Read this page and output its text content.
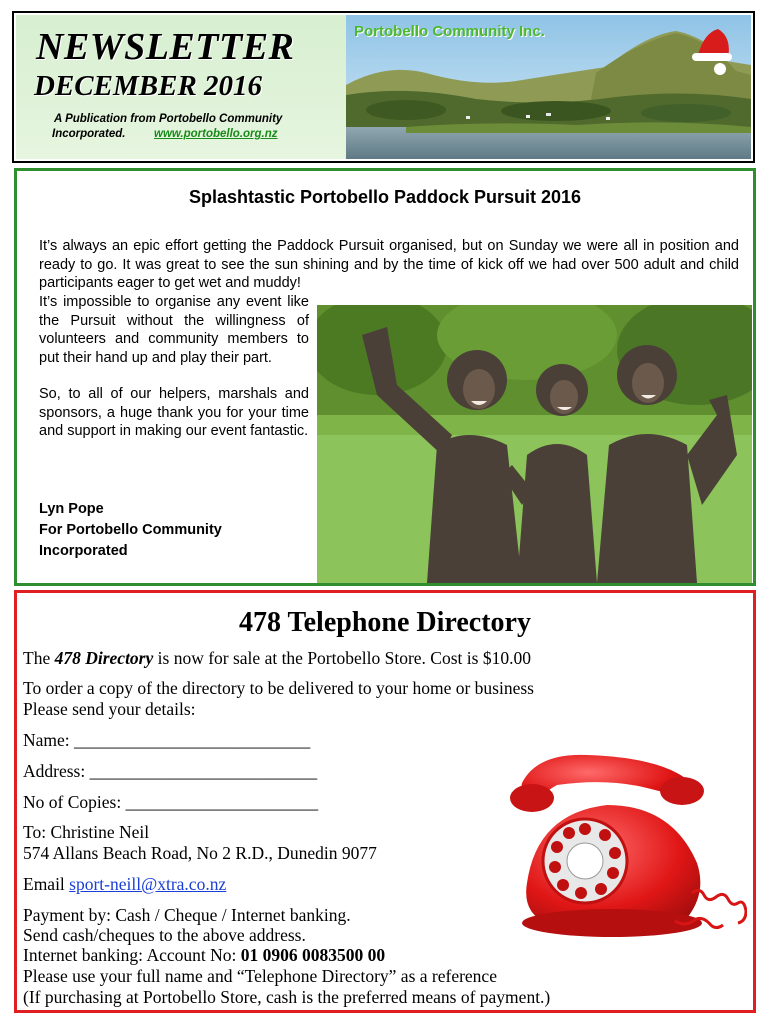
NEWSLETTER
DECEMBER 2016
A Publication from Portobello Community
Incorporated. www.portobello.org.nz
Portobello Community Inc.
Splashtastic Portobello Paddock Pursuit 2016
It’s always an epic effort getting the Paddock Pursuit organised, but on Sunday we were all in position and ready to go. It was great to see the sun shining and by the time of kick off we had over 500 adult and child participants eager to get wet and muddy!
It’s impossible to organise any event like the Pursuit without the willingness of volunteers and community members to put their hand up and play their part.
So, to all of our helpers, marshals and sponsors, a huge thank you for your time and support in making our event fantastic.
Lyn Pope
For Portobello Community
Incorporated
478 Telephone Directory
The 478 Directory is now for sale at the Portobello Store. Cost is $10.00
To order a copy of the directory to be delivered to your home or business
Please send your details:
Name: ___________________________
Address: __________________________
No of Copies: ______________________
To: Christine Neil
574 Allans Beach Road, No 2 R.D., Dunedin 9077
Email sport-neill@xtra.co.nz
Payment by: Cash / Cheque / Internet banking.
Send cash/cheques to the above address.
Internet banking: Account No: 01 0906 0083500 00
Please use your full name and “Telephone Directory” as a reference
(If purchasing at Portobello Store, cash is the preferred means of payment.)
